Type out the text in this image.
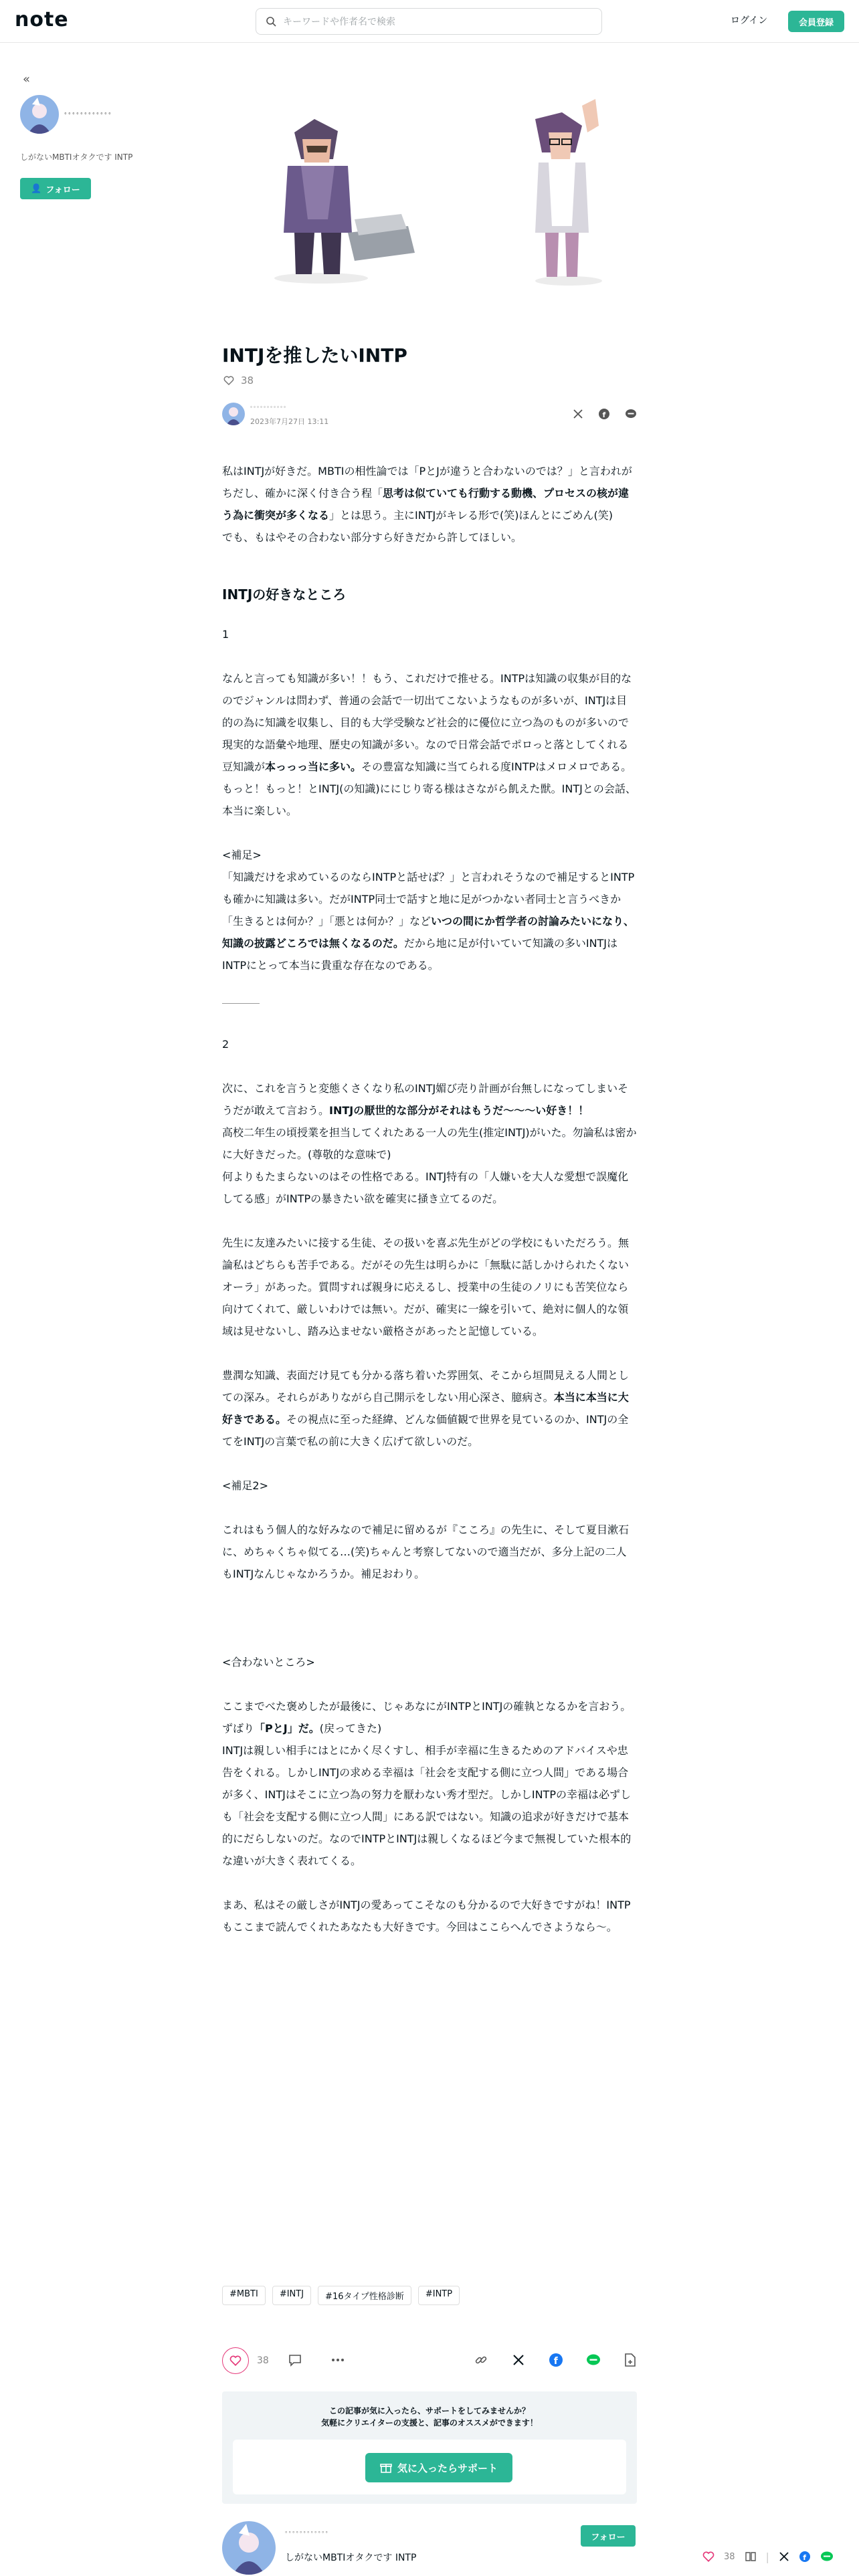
note	キーワードや作者名で検索	ログイン	会員登録
«
ﾟﾟﾟﾟﾟﾟﾟﾟﾟﾟﾟﾟ
しがないMBTIオタクです INTP
👤 フォロー
INTJを推したいINTP
38
ﾟﾟﾟﾟﾟﾟﾟﾟﾟﾟﾟ
2023年7月27日 13:11
f

私はINTJが好きだ。MBTIの相性論では「PとJが違うと合わないのでは？」と言われがちだし、確かに深く付き合う程「思考は似ていても行動する動機、プロセスの核が違う為に衝突が多くなる」とは思う。主にINTJがキレる形で(笑)ほんとにごめん(笑)

でも、もはやその合わない部分すら好きだから許してほしい。

INTJの好きなところ

1

なんと言っても知識が多い！！もう、これだけで推せる。INTPは知識の収集が目的なのでジャンルは問わず、普通の会話で一切出てこないようなものが多いが、INTJは目的の為に知識を収集し、目的も大学受験など社会的に優位に立つ為のものが多いので現実的な語彙や地理、歴史の知識が多い。なので日常会話でポロっと落としてくれる豆知識が本っっっ当に多い。その豊富な知識に当てられる度INTPはメロメロである。もっと！もっと！とINTJ(の知識)ににじり寄る様はさながら飢えた獣。INTJとの会話、本当に楽しい。

<補足>

「知識だけを求めているのならINTPと話せば？」と言われそうなので補足するとINTPも確かに知識は多い。だがINTP同士で話すと地に足がつかない者同士と言うべきか「生きるとは何か？」「悪とは何か？」などいつの間にか哲学者の討論みたいになり、知識の披露どころでは無くなるのだ。だから地に足が付いていて知識の多いINTJはINTPにとって本当に貴重な存在なのである。

2

次に、これを言うと変態くさくなり私のINTJ媚び売り計画が台無しになってしまいそうだが敢えて言おう。INTJの厭世的な部分がそれはもうだ〜〜〜い好き！！

高校二年生の頃授業を担当してくれたある一人の先生(推定INTJ)がいた。勿論私は密かに大好きだった。(尊敬的な意味で)

何よりもたまらないのはその性格である。INTJ特有の「人嫌いを大人な愛想で誤魔化してる感」がINTPの暴きたい欲を確実に掻き立てるのだ。

先生に友達みたいに接する生徒、その扱いを喜ぶ先生がどの学校にもいただろう。無論私はどちらも苦手である。だがその先生は明らかに「無駄に話しかけられたくないオーラ」があった。質問すれば親身に応えるし、授業中の生徒のノリにも苦笑位なら向けてくれて、厳しいわけでは無い。だが、確実に一線を引いて、絶対に個人的な領域は見せないし、踏み込ませない厳格さがあったと記憶している。

豊潤な知識、表面だけ見ても分かる落ち着いた雰囲気、そこから垣間見える人間としての深み。それらがありながら自己開示をしない用心深さ、臆病さ。本当に本当に大好きである。その視点に至った経緯、どんな価値観で世界を見ているのか、INTJの全てをINTJの言葉で私の前に大きく広げて欲しいのだ。

<補足2>

これはもう個人的な好みなので補足に留めるが『こころ』の先生に、そして夏目漱石に、めちゃくちゃ似てる…(笑)ちゃんと考察してないので適当だが、多分上記の二人もINTJなんじゃなかろうか。補足おわり。

<合わないところ>

ここまでべた褒めしたが最後に、じゃあなにがINTPとINTJの確執となるかを言おう。ずばり「PとJ」だ。(戻ってきた)

INTJは親しい相手にはとにかく尽くすし、相手が幸福に生きるためのアドバイスや忠告をくれる。しかしINTJの求める幸福は「社会を支配する側に立つ人間」である場合が多く、INTJはそこに立つ為の努力を厭わない秀才型だ。しかしINTPの幸福は必ずしも「社会を支配する側に立つ人間」にある訳ではない。知識の追求が好きだけで基本的にだらしないのだ。なのでINTPとINTJは親しくなるほど今まで無視していた根本的な違いが大きく表れてくる。

まあ、私はその厳しさがINTJの愛あってこそなのも分かるので大好きですがね！INTPもここまで読んでくれたあなたも大好きです。今回はここらへんでさようなら〜。

#MBTI	#INTJ	#16タイプ性格診断	#INTP
38	f
この記事が気に入ったら、サポートをしてみませんか？
気軽にクリエイターの支援と、記事のオススメができます！
気に入ったらサポート
ﾟﾟﾟﾟﾟﾟﾟﾟﾟﾟﾟﾟ
しがないMBTIオタクです INTP
フォロー
38	|	f
